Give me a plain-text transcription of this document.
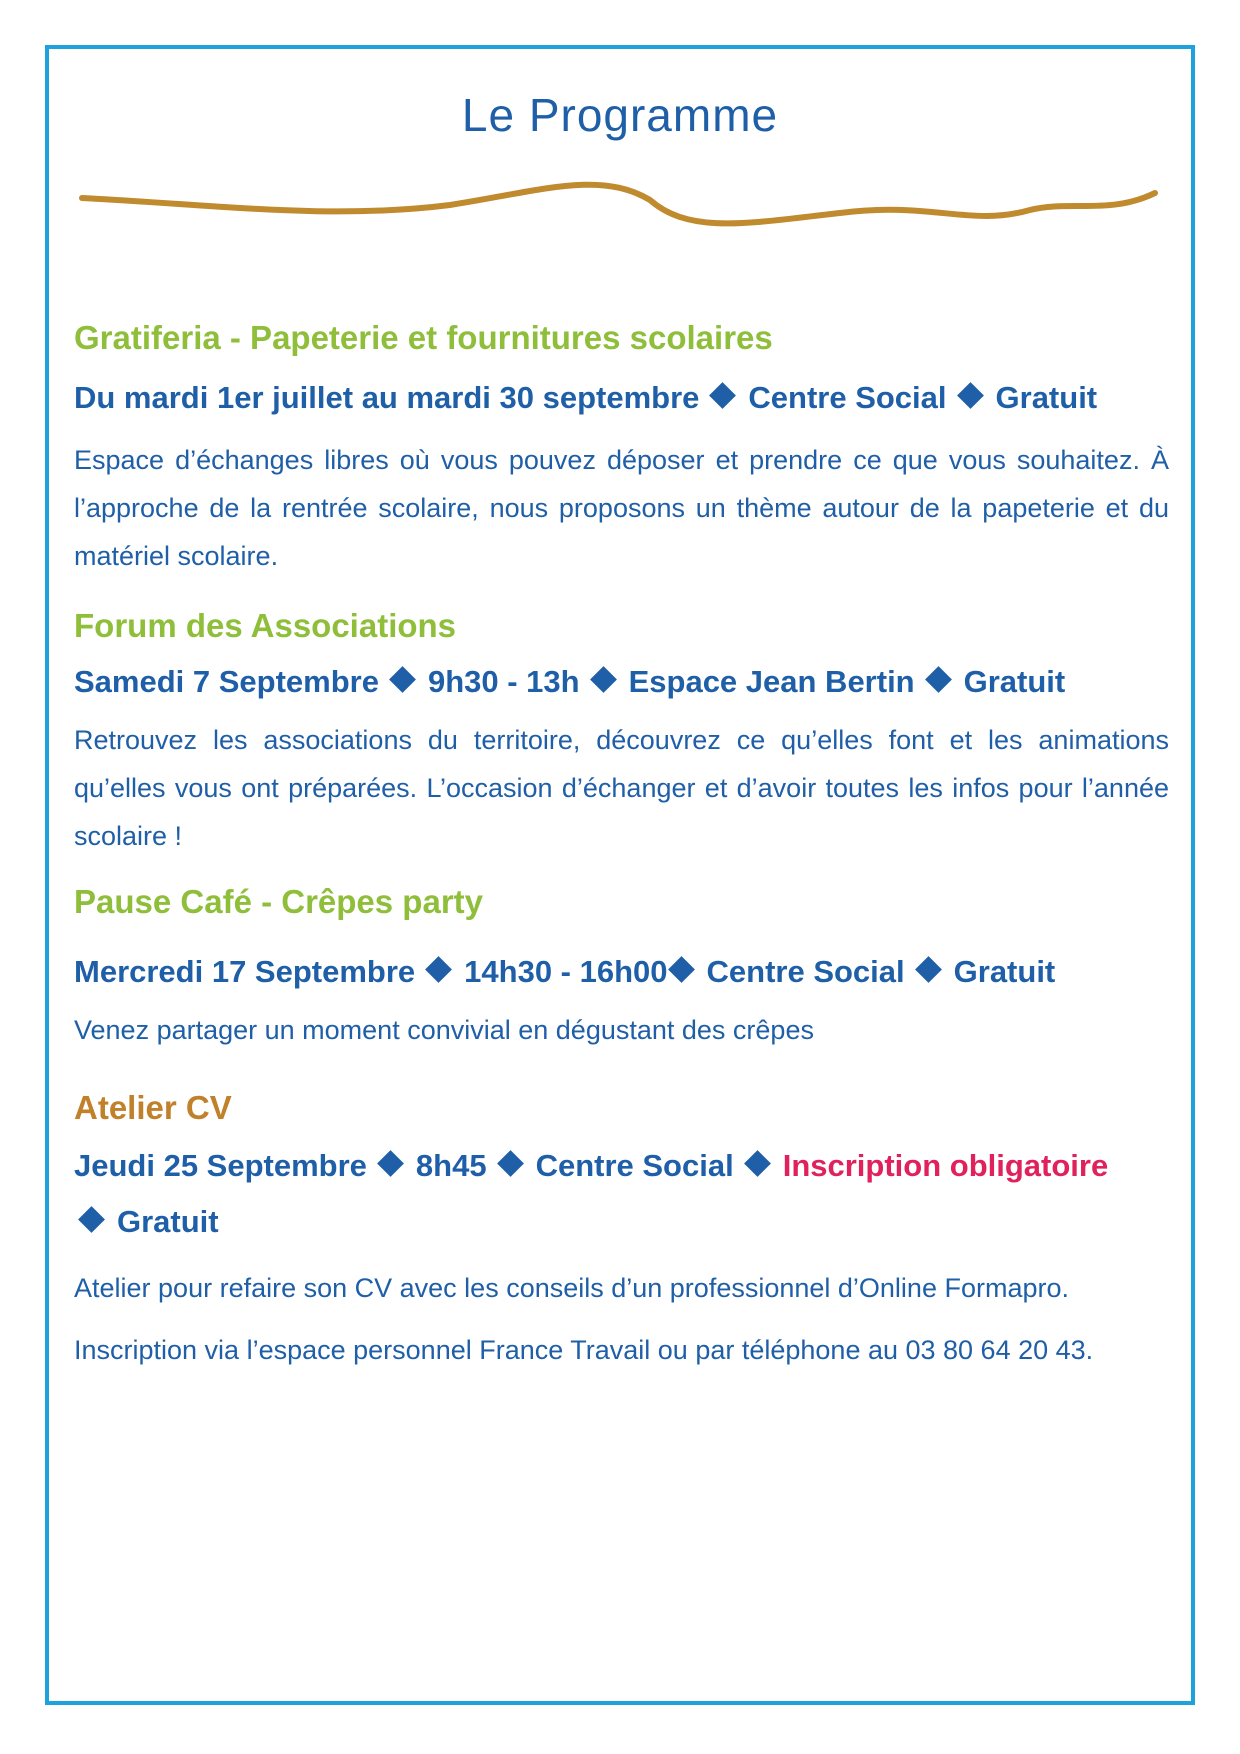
Le Programme
Gratiferia - Papeterie et fournitures scolaires

Du mardi 1er juillet au mardi 30 septembre Centre Social Gratuit

Espace d’échanges libres où vous pouvez déposer et prendre ce que vous souhaitez. À l’approche de la rentrée scolaire, nous proposons un thème autour de la papeterie et du matériel scolaire.

Forum des Associations

Samedi 7 Septembre 9h30 - 13h Espace Jean Bertin Gratuit

Retrouvez les associations du territoire, découvrez ce qu’elles font et les animations qu’elles vous ont préparées. L’occasion d’échanger et d’avoir toutes les infos pour l’année scolaire !

Pause Café - Crêpes party

Mercredi 17 Septembre 14h30 - 16h00 Centre Social Gratuit

Venez partager un moment convivial en dégustant des crêpes

Atelier CV

Jeudi 25 Septembre 8h45 Centre Social Inscription obligatoire
Gratuit

Atelier pour refaire son CV avec les conseils d’un professionnel d’Online Formapro.

Inscription via l’espace personnel France Travail ou par téléphone au 03 80 64 20 43.
